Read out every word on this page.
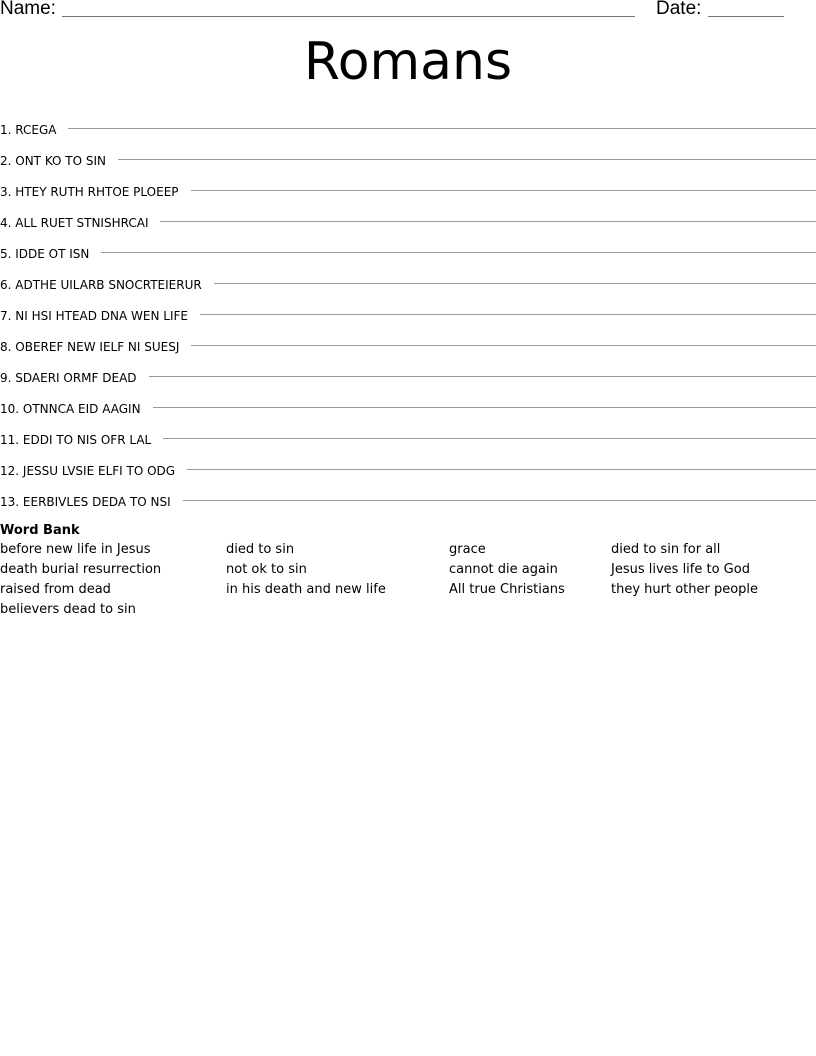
Name:	Date:
Romans
1. RCEGA
2. ONT KO TO SIN
3. HTEY RUTH RHTOE PLOEEP
4. ALL RUET STNISHRCAI
5. IDDE OT ISN
6. ADTHE UILARB SNOCRTEIERUR
7. NI HSI HTEAD DNA WEN LIFE
8. OBEREF NEW IELF NI SUESJ
9. SDAERI ORMF DEAD
10. OTNNCA EID AAGIN
11. EDDI TO NIS OFR LAL
12. JESSU LVSIE ELFI TO ODG
13. EERBIVLES DEDA TO NSI
Word Bank
before new life in Jesus
death burial resurrection
raised from dead
believers dead to sin
died to sin
not ok to sin
in his death and new life
grace
cannot die again
All true Christians
died to sin for all
Jesus lives life to God
they hurt other people
